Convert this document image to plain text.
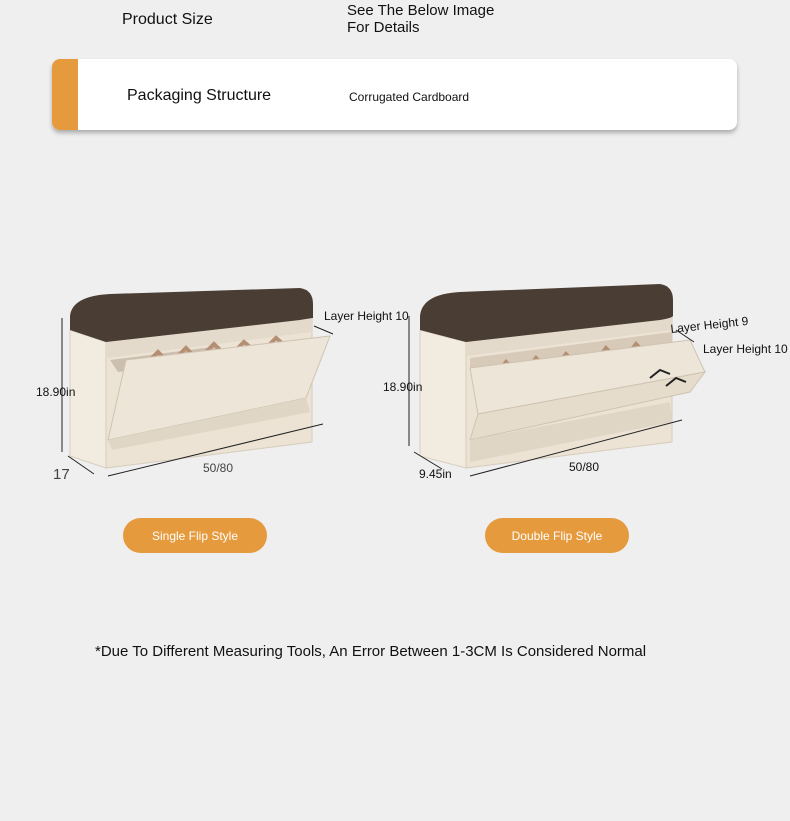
Product Size
See The Below Image
For Details
Packaging Structure	Corrugated Cardboard
18.90in
17	50/80
Layer Height 10
18.90in
9.45in	50/80
Layer Height 9
Layer Height 10
Single Flip Style	Double Flip Style
*Due To Different Measuring Tools, An Error Between 1-3CM Is Considered Normal
